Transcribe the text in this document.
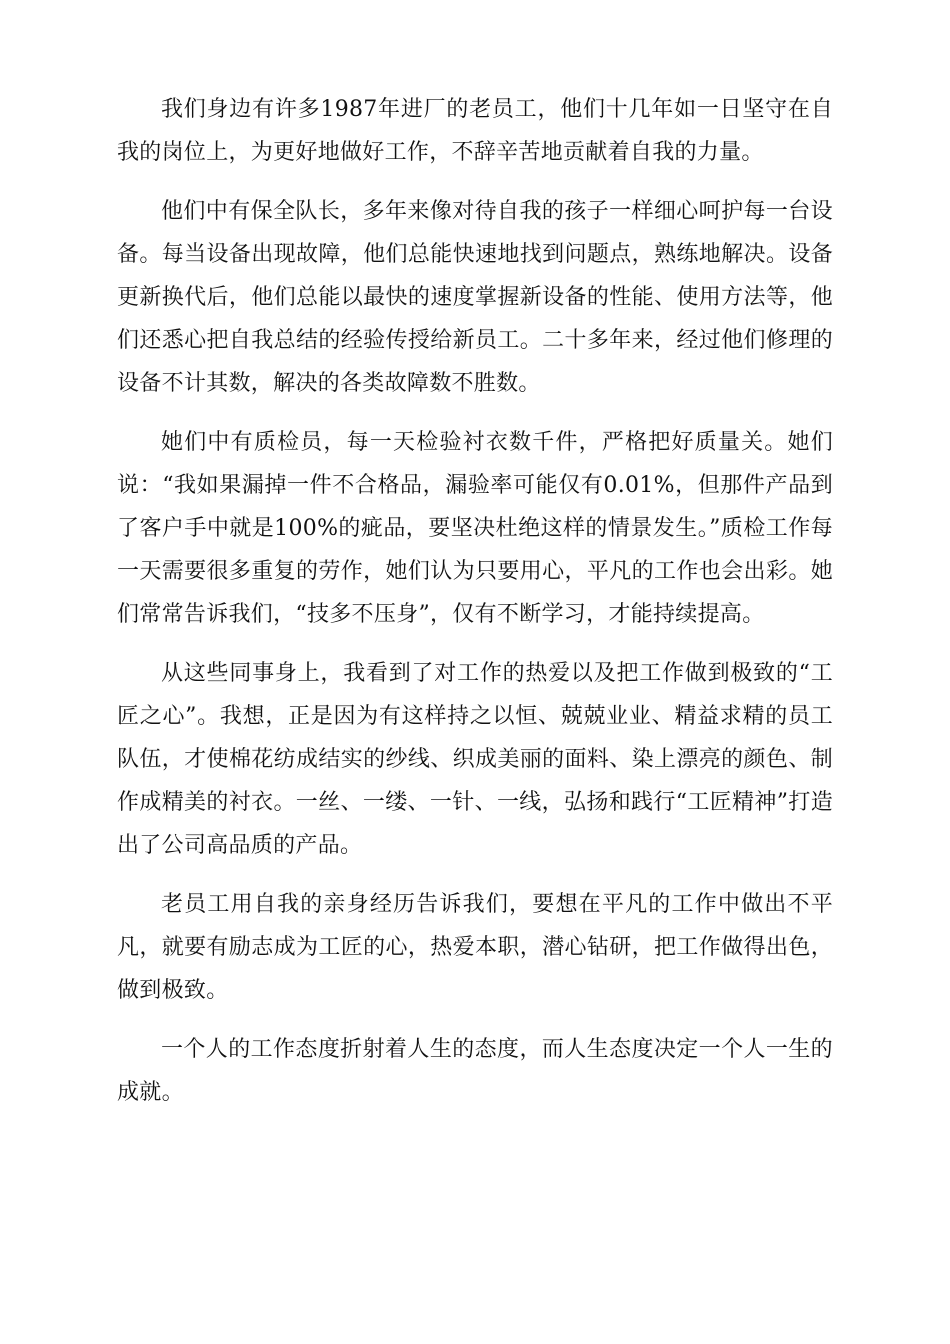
我们身边有许多1987年进厂的老员工，他们十几年如一日坚守在自我的岗位上，为更好地做好工作，不辞辛苦地贡献着自我的力量。

他们中有保全队长，多年来像对待自我的孩子一样细心呵护每一台设备。每当设备出现故障，他们总能快速地找到问题点，熟练地解决。设备更新换代后，他们总能以最快的速度掌握新设备的性能、使用方法等，他们还悉心把自我总结的经验传授给新员工。二十多年来，经过他们修理的设备不计其数，解决的各类故障数不胜数。

她们中有质检员，每一天检验衬衣数千件，严格把好质量关。她们说：“我如果漏掉一件不合格品，漏验率可能仅有0.01%，但那件产品到了客户手中就是100%的疵品，要坚决杜绝这样的情景发生。”质检工作每一天需要很多重复的劳作，她们认为只要用心，平凡的工作也会出彩。她们常常告诉我们，“技多不压身”，仅有不断学习，才能持续提高。

从这些同事身上，我看到了对工作的热爱以及把工作做到极致的“工匠之心”。我想，正是因为有这样持之以恒、兢兢业业、精益求精的员工队伍，才使棉花纺成结实的纱线、织成美丽的面料、染上漂亮的颜色、制作成精美的衬衣。一丝、一缕、一针、一线，弘扬和践行“工匠精神”打造出了公司高品质的产品。

老员工用自我的亲身经历告诉我们，要想在平凡的工作中做出不平凡，就要有励志成为工匠的心，热爱本职，潜心钻研，把工作做得出色，做到极致。

一个人的工作态度折射着人生的态度，而人生态度决定一个人一生的成就。
